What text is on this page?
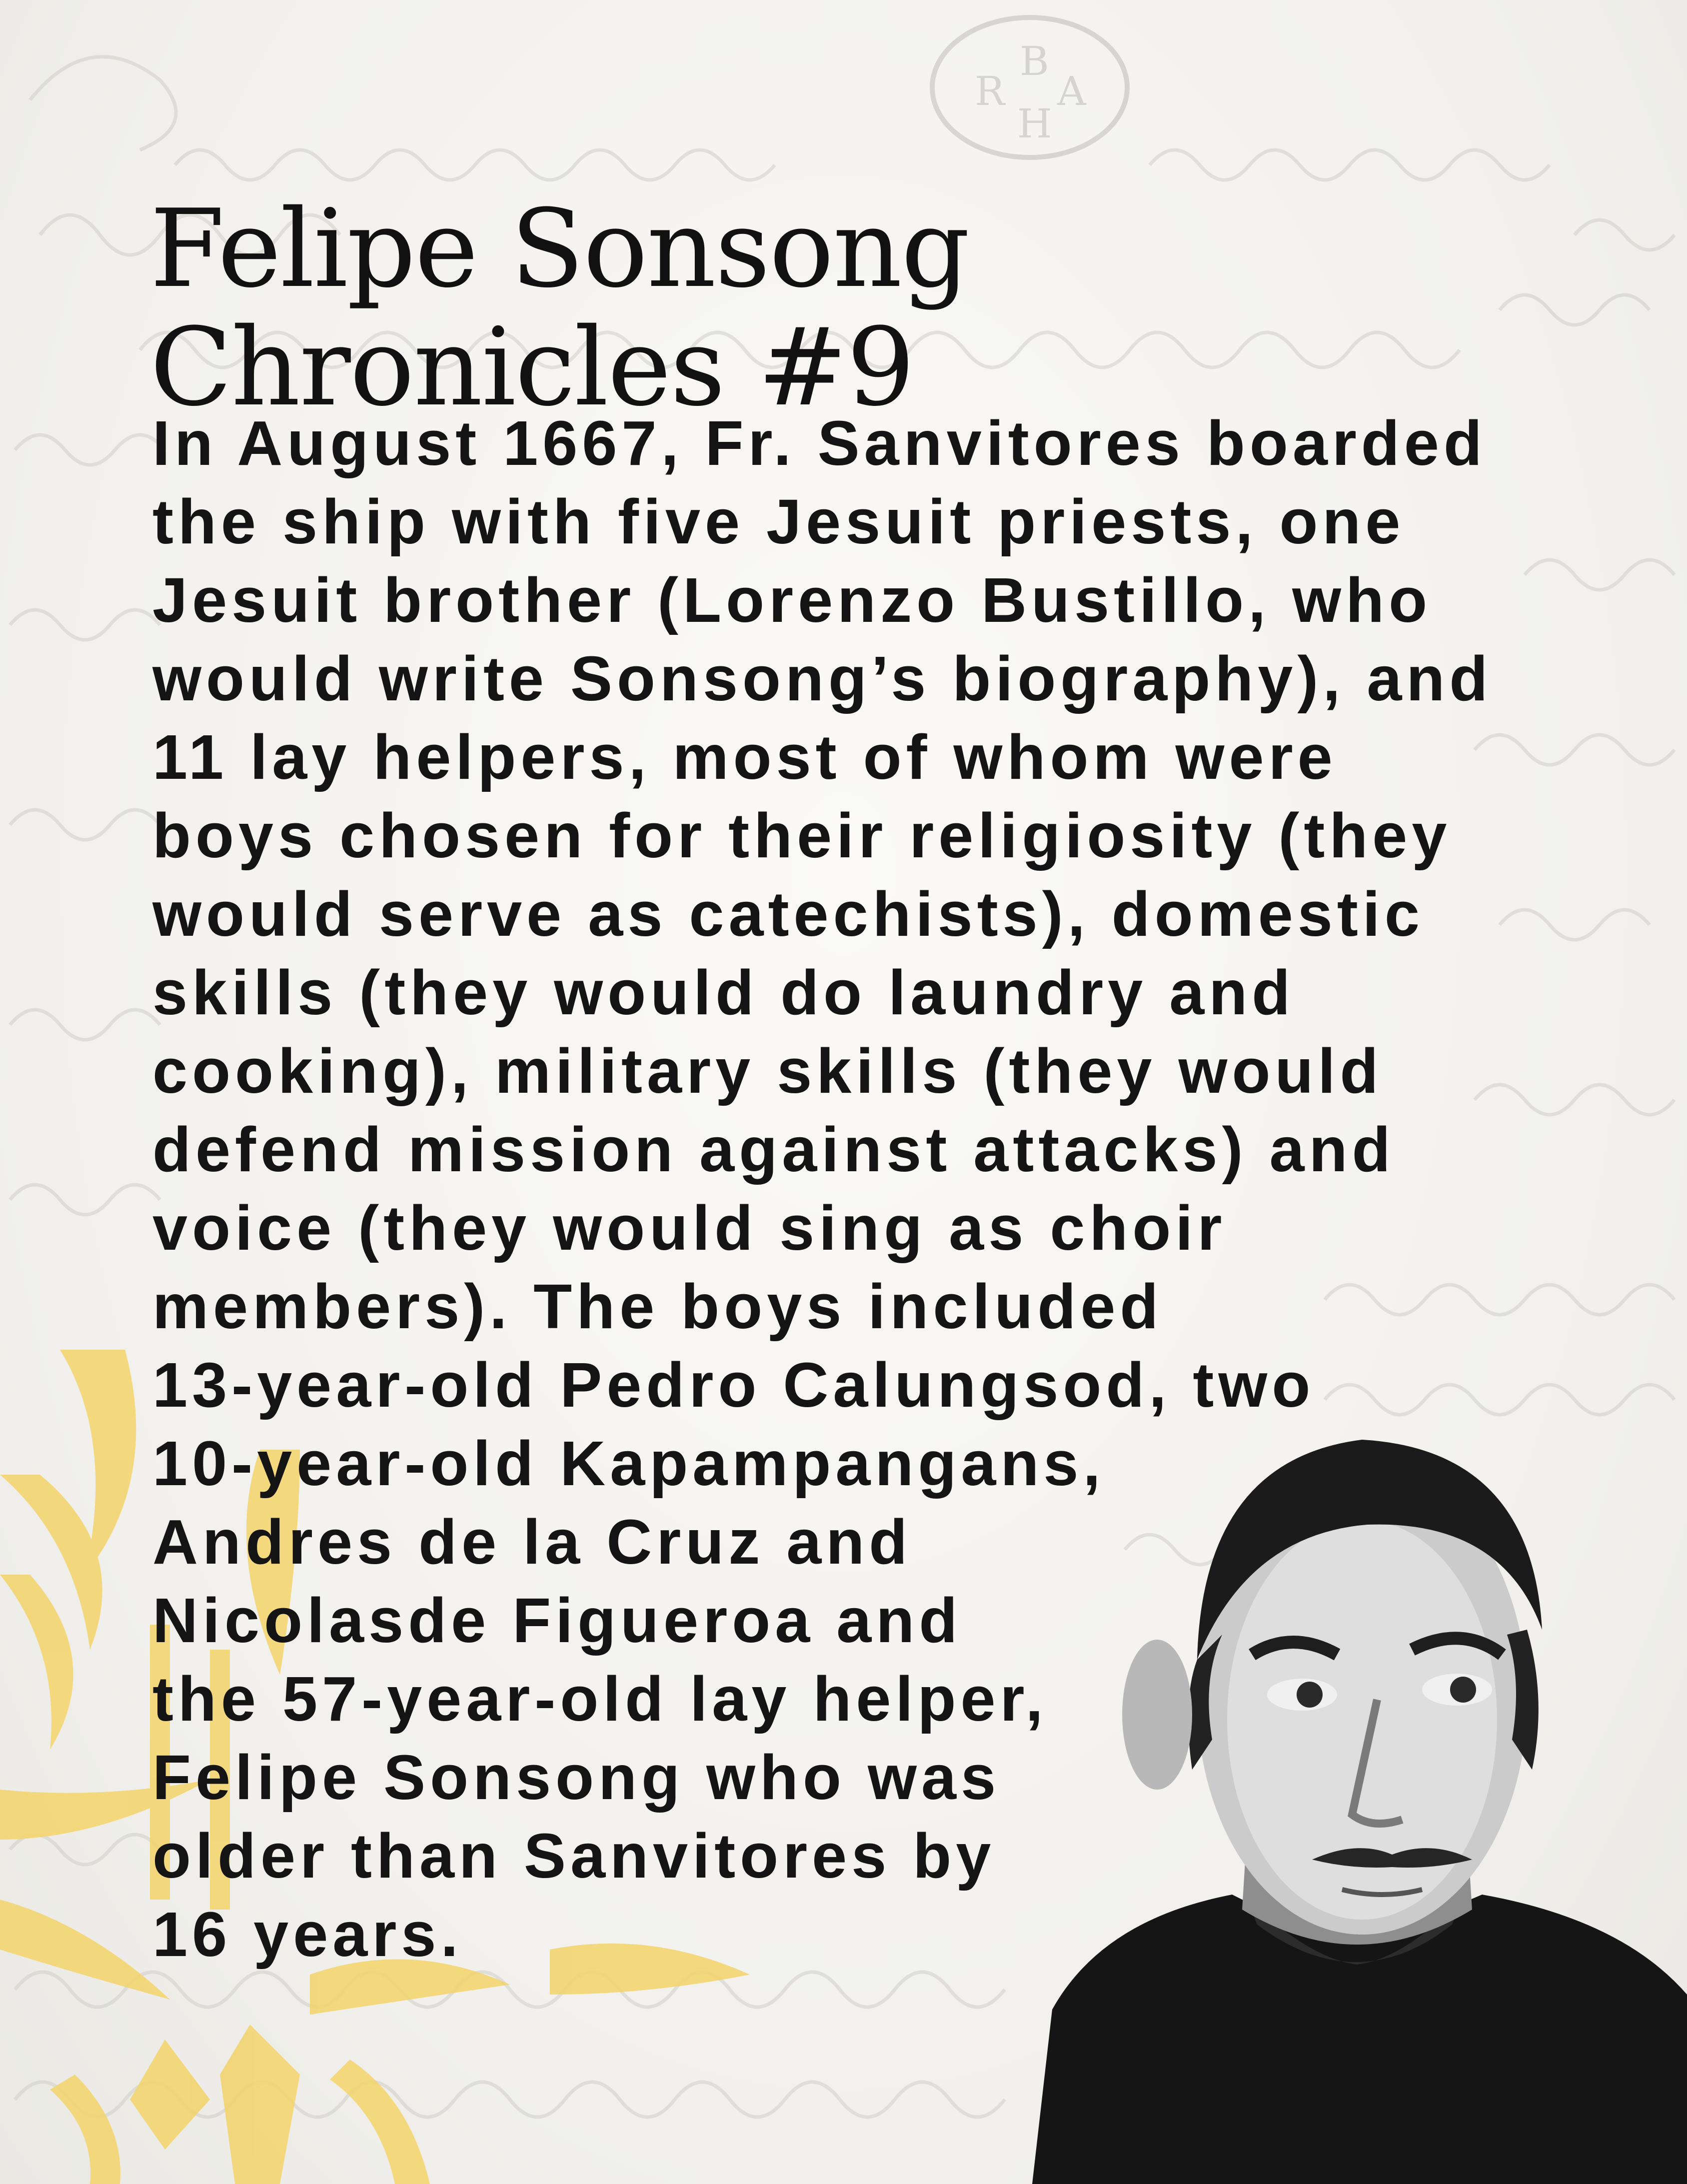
B
R A
H
Felipe Sonsong Chronicles #9
In August 1667, Fr. Sanvitores boarded
the ship with five Jesuit priests, one
Jesuit brother (Lorenzo Bustillo, who
would write Sonsong’s biography), and
11 lay helpers, most of whom were
boys chosen for their religiosity (they
would serve as catechists), domestic
skills (they would do laundry and
cooking), military skills (they would
defend mission against attacks) and
voice (they would sing as choir
members). The boys included
13-year-old Pedro Calungsod, two
10-year-old Kapampangans,
Andres de la Cruz and
Nicolasde Figueroa and
the 57-year-old lay helper,
Felipe Sonsong who was
older than Sanvitores by
16 years.
